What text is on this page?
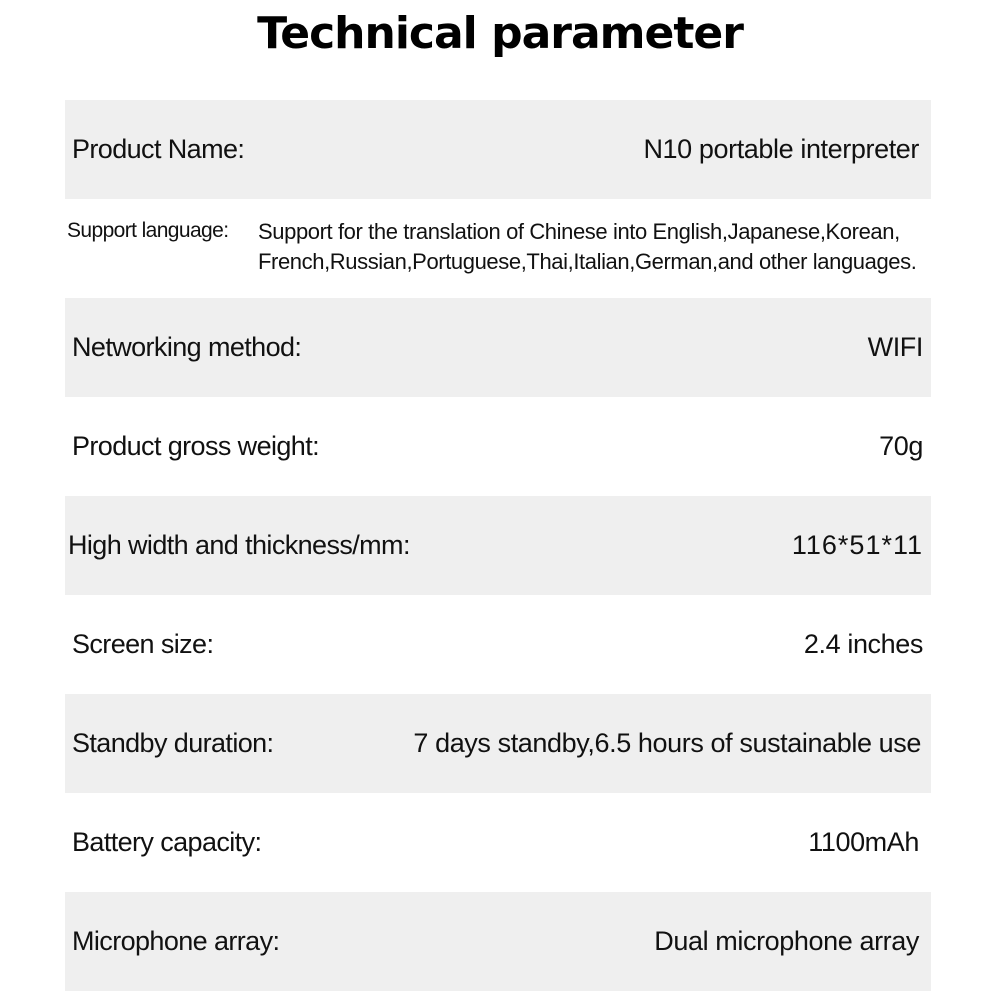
Technical parameter
Product Name:	N10 portable interpreter
Support language: Support for the translation of Chinese into English,Japanese,Korean,
French,Russian,Portuguese,Thai,Italian,German,and other languages.
Networking method:	WIFI
Product gross weight:	70g
High width and thickness/mm:	116*51*11
Screen size:	2.4 inches
Standby duration:	7 days standby,6.5 hours of sustainable use
Battery capacity:	1100mAh
Microphone array:	Dual microphone array
